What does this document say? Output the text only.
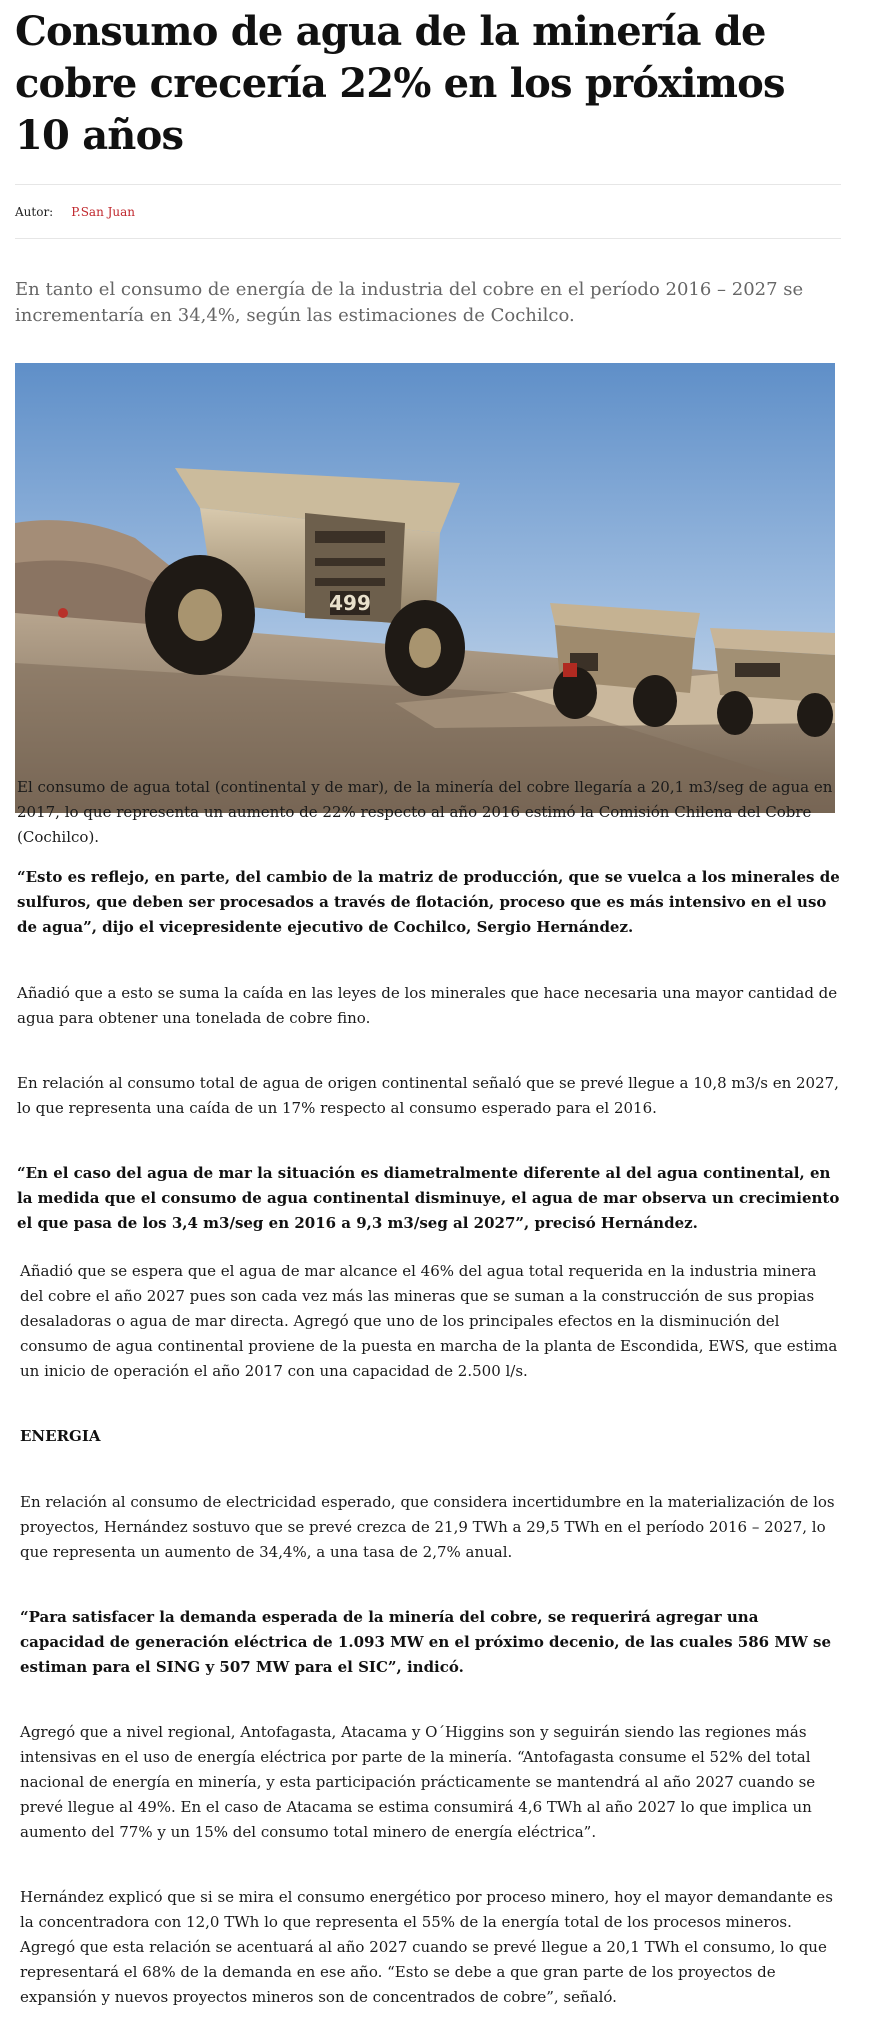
Consumo de agua de la minería de cobre crecería 22% en los próximos 10 años
Autor: P.San Juan

En tanto el consumo de energía de la industria del cobre en el período 2016 – 2027 se incrementaría en 34,4%, según las estimaciones de Cochilco.

499

El consumo de agua total (continental y de mar), de la minería del cobre llegaría a 20,1 m3/seg de agua en 2017, lo que representa un aumento de 22% respecto al año 2016 estimó la Comisión Chilena del Cobre (Cochilco).

“Esto es reflejo, en parte, del cambio de la matriz de producción, que se vuelca a los minerales de sulfuros, que deben ser procesados a través de flotación, proceso que es más intensivo en el uso de agua”, dijo el vicepresidente ejecutivo de Cochilco, Sergio Hernández.

Añadió que a esto se suma la caída en las leyes de los minerales que hace necesaria una mayor cantidad de agua para obtener una tonelada de cobre fino.

En relación al consumo total de agua de origen continental señaló que se prevé llegue a 10,8 m3/s en 2027, lo que representa una caída de un 17% respecto al consumo esperado para el 2016.

“En el caso del agua de mar la situación es diametralmente diferente al del agua continental, en la medida que el consumo de agua continental disminuye, el agua de mar observa un crecimiento el que pasa de los 3,4 m3/seg en 2016 a 9,3 m3/seg al 2027”, precisó Hernández.

Añadió que se espera que el agua de mar alcance el 46% del agua total requerida en la industria minera del cobre el año 2027 pues son cada vez más las mineras que se suman a la construcción de sus propias desaladoras o agua de mar directa. Agregó que uno de los principales efectos en la disminución del consumo de agua continental proviene de la puesta en marcha de la planta de Escondida, EWS, que estima un inicio de operación el año 2017 con una capacidad de 2.500 l/s.

ENERGIA

En relación al consumo de electricidad esperado, que considera incertidumbre en la materialización de los proyectos, Hernández sostuvo que se prevé crezca de 21,9 TWh a 29,5 TWh en el período 2016 – 2027, lo que representa un aumento de 34,4%, a una tasa de 2,7% anual.

“Para satisfacer la demanda esperada de la minería del cobre, se requerirá agregar una capacidad de generación eléctrica de 1.093 MW en el próximo decenio, de las cuales 586 MW se estiman para el SING y 507 MW para el SIC”, indicó.

Agregó que a nivel regional, Antofagasta, Atacama y O´Higgins son y seguirán siendo las regiones más intensivas en el uso de energía eléctrica por parte de la minería. “Antofagasta consume el 52% del total nacional de energía en minería, y esta participación prácticamente se mantendrá al año 2027 cuando se prevé llegue al 49%. En el caso de Atacama se estima consumirá 4,6 TWh al año 2027 lo que implica un aumento del 77% y un 15% del consumo total minero de energía eléctrica”.

Hernández explicó que si se mira el consumo energético por proceso minero, hoy el mayor demandante es la concentradora con 12,0 TWh lo que representa el 55% de la energía total de los procesos mineros. Agregó que esta relación se acentuará al año 2027 cuando se prevé llegue a 20,1 TWh el consumo, lo que representará el 68% de la demanda en ese año. “Esto se debe a que gran parte de los proyectos de expansión y nuevos proyectos mineros son de concentrados de cobre”, señaló.
